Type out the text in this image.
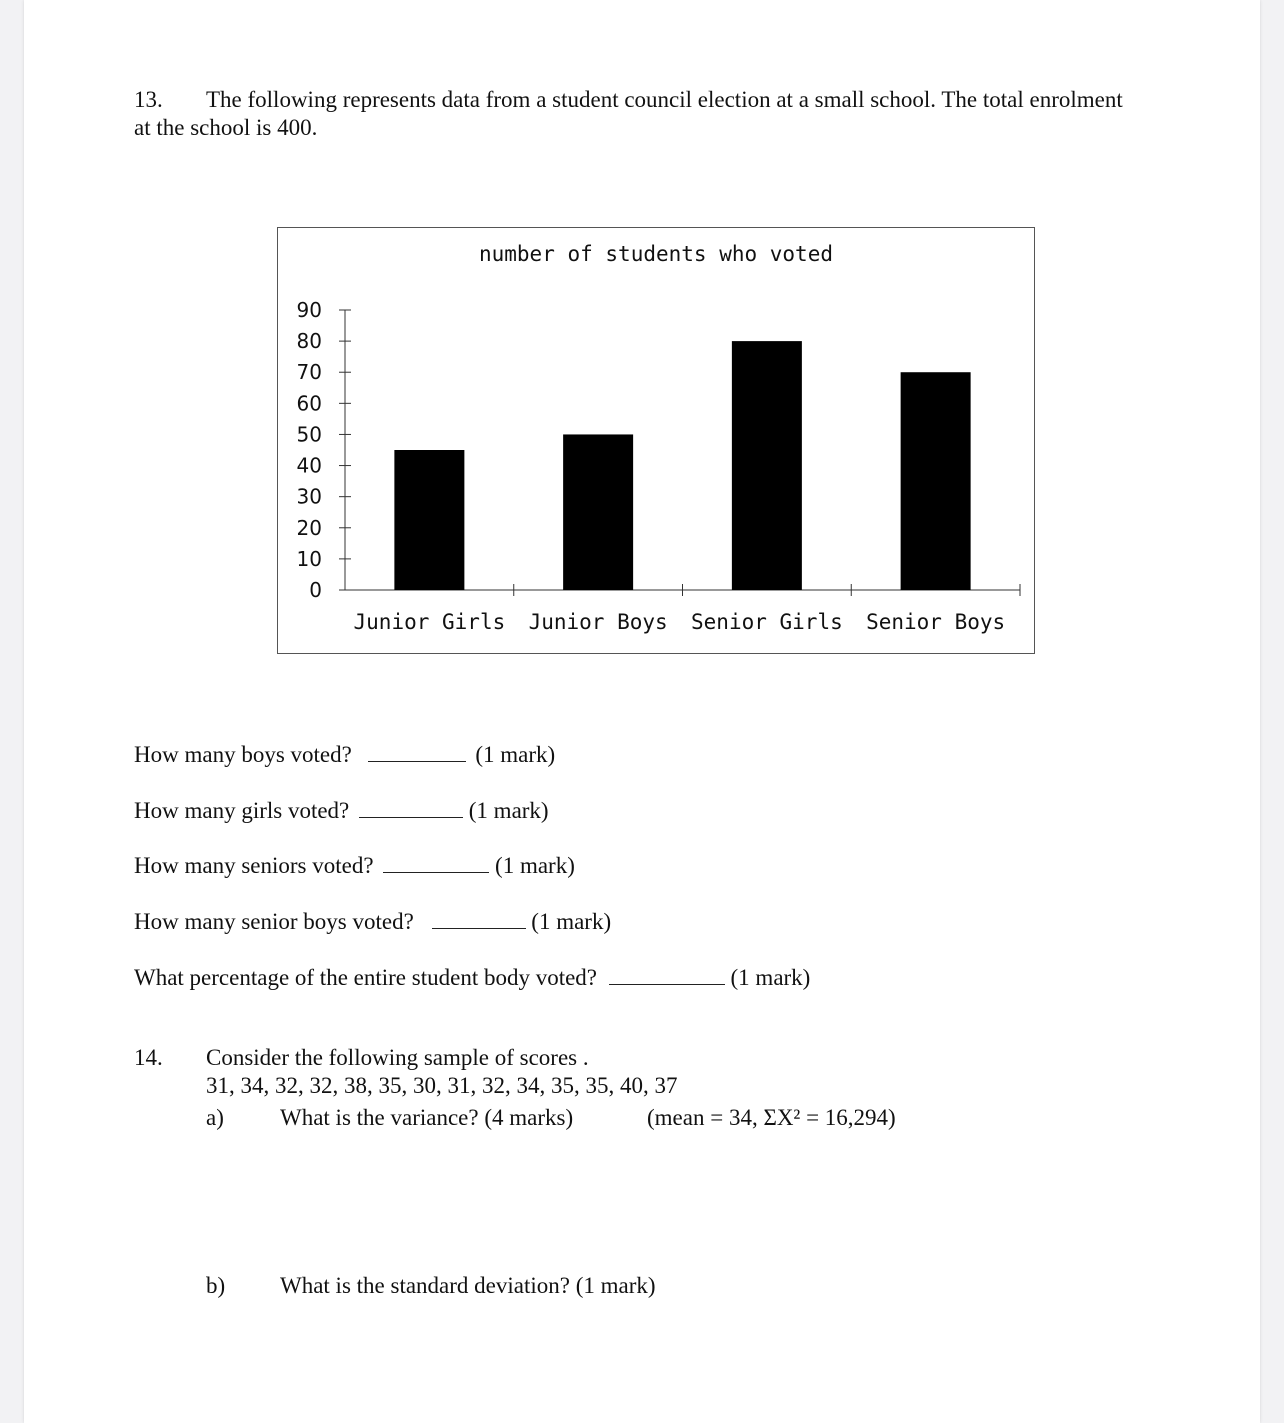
13. The following represents data from a student council election at a small school. The total enrolment
at the school is 400.
number of students who voted
0
10
20
30
40
50
60
70
80
90
Junior Girls Junior Boys Senior Girls Senior Boys
How many boys voted?	(1 mark)
How many girls voted?	(1 mark)
How many seniors voted?	(1 mark)
How many senior boys voted?	(1 mark)
What percentage of the entire student body voted?	(1 mark)
14. Consider the following sample of scores .
31, 34, 32, 32, 38, 35, 30, 31, 32, 34, 35, 35, 40, 37
a) What is the variance? (4 marks)	(mean = 34, ΣX² = 16,294)
b) What is the standard deviation? (1 mark)
